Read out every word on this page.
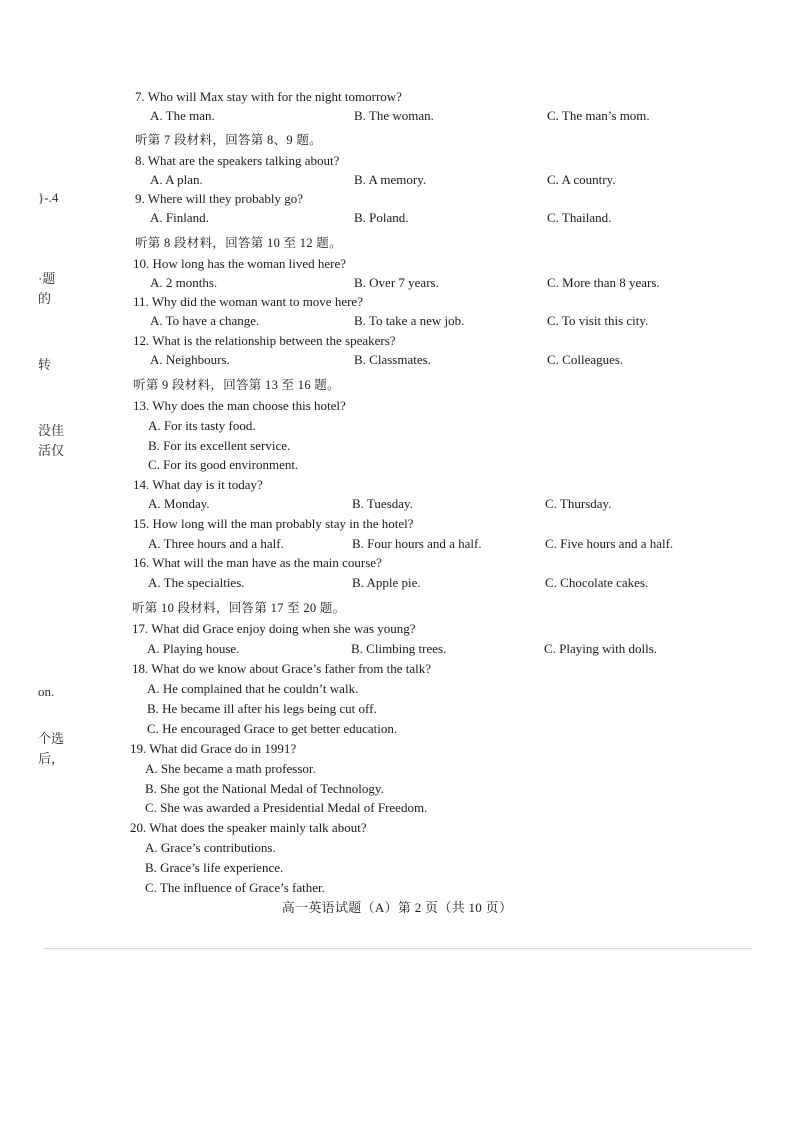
}-.4
·题
的
转
没佳
活仅
on.
个选
后，
7. Who will Max stay with for the night tomorrow?
A. The man.	B. The woman.	C. The man’s mom.
听第 7 段材料，回答第 8、9 题。
8. What are the speakers talking about?
A. A plan.	B. A memory.	C. A country.
9. Where will they probably go?
A. Finland.	B. Poland.	C. Thailand.
听第 8 段材料，回答第 10 至 12 题。
10. How long has the woman lived here?
A. 2 months.	B. Over 7 years.	C. More than 8 years.
11. Why did the woman want to move here?
A. To have a change.	B. To take a new job.	C. To visit this city.
12. What is the relationship between the speakers?
A. Neighbours.	B. Classmates.	C. Colleagues.
听第 9 段材料，回答第 13 至 16 题。
13. Why does the man choose this hotel?
A. For its tasty food.
B. For its excellent service.
C. For its good environment.
14. What day is it today?
A. Monday.	B. Tuesday.	C. Thursday.
15. How long will the man probably stay in the hotel?
A. Three hours and a half.	B. Four hours and a half.	C. Five hours and a half.
16. What will the man have as the main course?
A. The specialties.	B. Apple pie.	C. Chocolate cakes.
听第 10 段材料，回答第 17 至 20 题。
17. What did Grace enjoy doing when she was young?
A. Playing house.	B. Climbing trees.	C. Playing with dolls.
18. What do we know about Grace’s father from the talk?
A. He complained that he couldn’t walk.
B. He became ill after his legs being cut off.
C. He encouraged Grace to get better education.
19. What did Grace do in 1991?
A. She became a math professor.
B. She got the National Medal of Technology.
C. She was awarded a Presidential Medal of Freedom.
20. What does the speaker mainly talk about?
A. Grace’s contributions.
B. Grace’s life experience.
C. The influence of Grace’s father.
高一英语试题（A）第 2 页（共 10 页）
